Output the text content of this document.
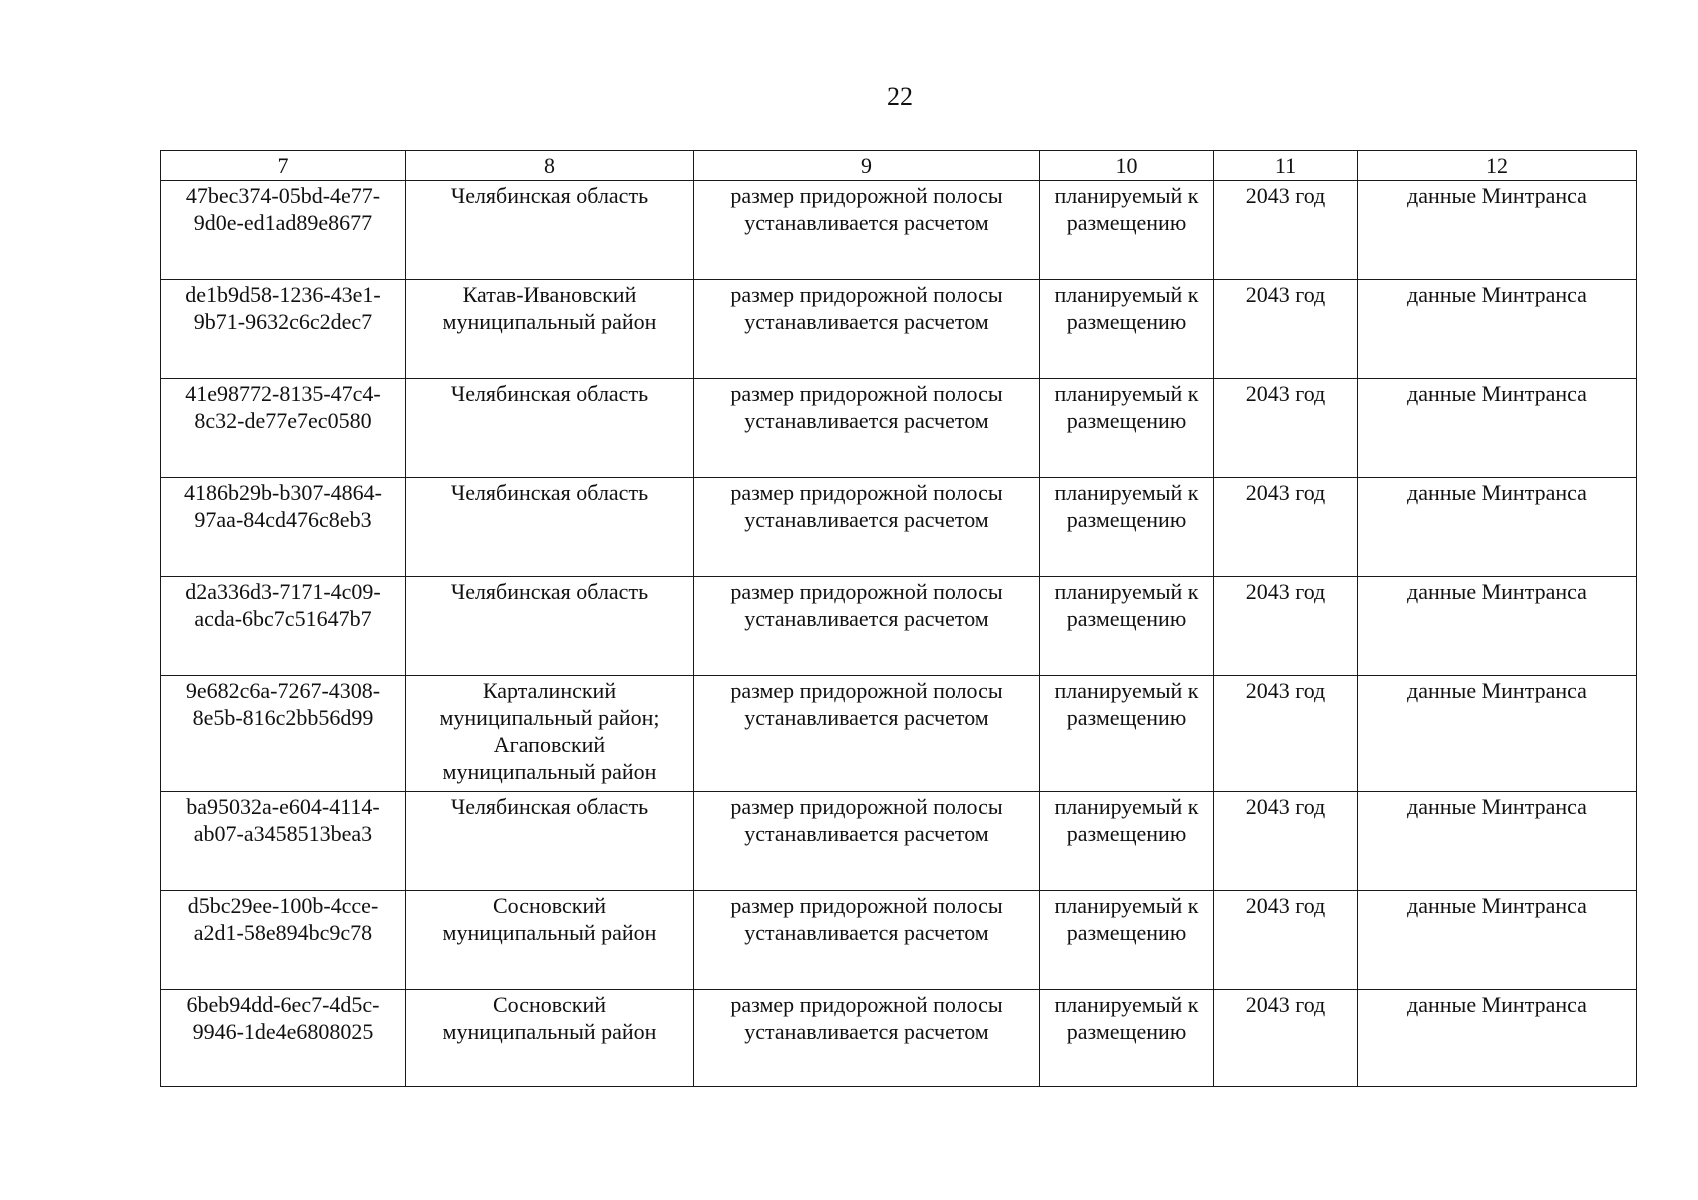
22
7	8	9	10	11	12

47bec374-05bd-4e77-
9d0e-ed1ad89e8677	Челябинская область	размер придорожной полосы
устанавливается расчетом	планируемый к
размещению	2043 год	данные Минтранса

de1b9d58-1236-43e1-
9b71-9632c6c2dec7	Катав-Ивановский
муниципальный район	размер придорожной полосы
устанавливается расчетом	планируемый к
размещению	2043 год	данные Минтранса

41e98772-8135-47c4-
8c32-de77e7ec0580	Челябинская область	размер придорожной полосы
устанавливается расчетом	планируемый к
размещению	2043 год	данные Минтранса

4186b29b-b307-4864-
97aa-84cd476c8eb3	Челябинская область	размер придорожной полосы
устанавливается расчетом	планируемый к
размещению	2043 год	данные Минтранса

d2a336d3-7171-4c09-
acda-6bc7c51647b7	Челябинская область	размер придорожной полосы
устанавливается расчетом	планируемый к
размещению	2043 год	данные Минтранса

9e682c6a-7267-4308-
8e5b-816c2bb56d99	Карталинский
муниципальный район;
Агаповский
муниципальный район	размер придорожной полосы
устанавливается расчетом	планируемый к
размещению	2043 год	данные Минтранса

ba95032a-e604-4114-
ab07-a3458513bea3	Челябинская область	размер придорожной полосы
устанавливается расчетом	планируемый к
размещению	2043 год	данные Минтранса

d5bc29ee-100b-4cce-
a2d1-58e894bc9c78	Сосновский
муниципальный район	размер придорожной полосы
устанавливается расчетом	планируемый к
размещению	2043 год	данные Минтранса

6beb94dd-6ec7-4d5c-
9946-1de4e6808025	Сосновский
муниципальный район	размер придорожной полосы
устанавливается расчетом	планируемый к
размещению	2043 год	данные Минтранса
